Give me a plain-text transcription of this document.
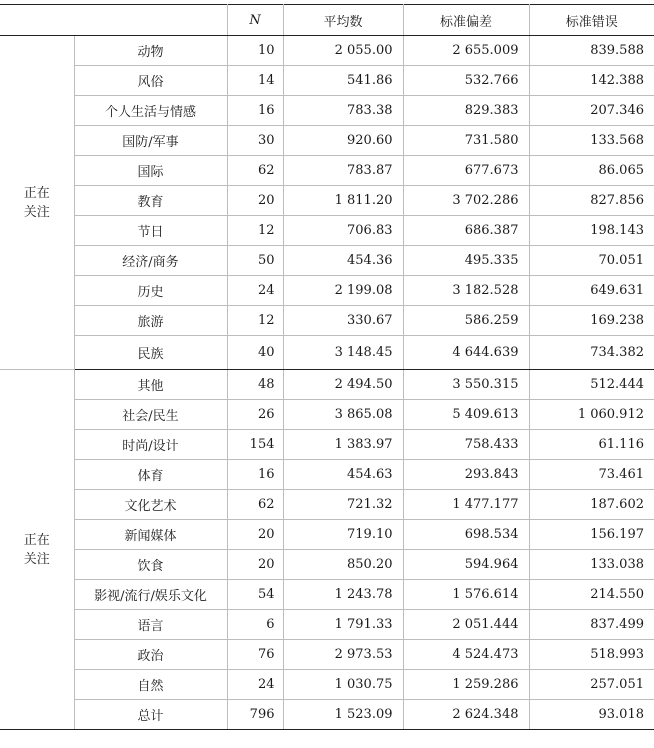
		N	平均数	标准偏差	标准错误
正在
关注	动物	10	2 055.00	2 655.009	839.588
	风俗	14	541.86	532.766	142.388
	个人生活与情感	16	783.38	829.383	207.346
	国防/军事	30	920.60	731.580	133.568
	国际	62	783.87	677.673	86.065
	教育	20	1 811.20	3 702.286	827.856
	节日	12	706.83	686.387	198.143
	经济/商务	50	454.36	495.335	70.051
	历史	24	2 199.08	3 182.528	649.631
	旅游	12	330.67	586.259	169.238
	民族	40	3 148.45	4 644.639	734.382
正在
关注	其他	48	2 494.50	3 550.315	512.444
	社会/民生	26	3 865.08	5 409.613	1 060.912
	时尚/设计	154	1 383.97	758.433	61.116
	体育	16	454.63	293.843	73.461
	文化艺术	62	721.32	1 477.177	187.602
	新闻媒体	20	719.10	698.534	156.197
	饮食	20	850.20	594.964	133.038
	影视/流行/娱乐文化	54	1 243.78	1 576.614	214.550
	语言	6	1 791.33	2 051.444	837.499
	政治	76	2 973.53	4 524.473	518.993
	自然	24	1 030.75	1 259.286	257.051
	总计	796	1 523.09	2 624.348	93.018
